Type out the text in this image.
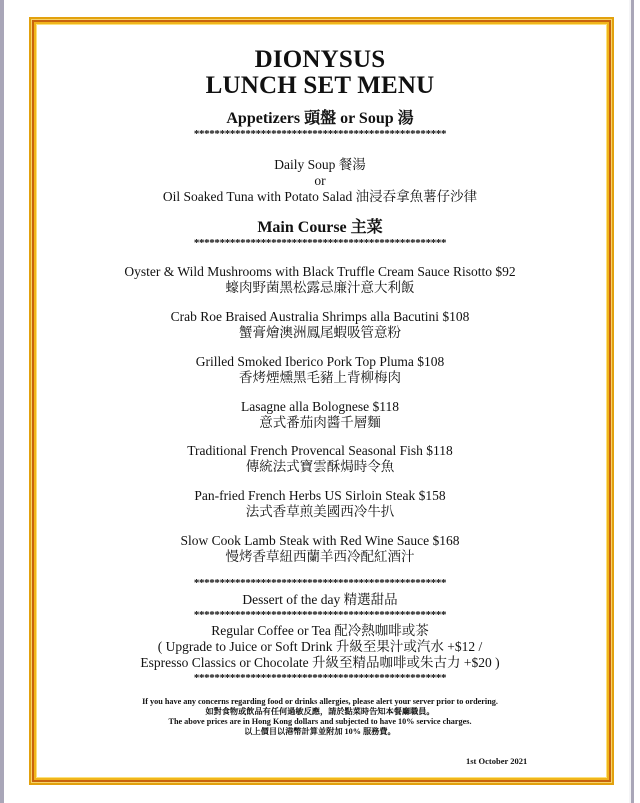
DIONYSUS
LUNCH SET MENU
Appetizers 頭盤 or Soup 湯
*************************************************
Daily Soup 餐湯
or
Oil Soaked Tuna with Potato Salad 油浸吞拿魚薯仔沙律
Main Course 主菜
*************************************************
Oyster & Wild Mushrooms with Black Truffle Cream Sauce Risotto $92
蠔肉野菌黑松露忌廉汁意大利飯
Crab Roe Braised Australia Shrimps alla Bacutini $108
蟹膏燴澳洲鳳尾蝦吸管意粉
Grilled Smoked Iberico Pork Top Pluma $108
香烤煙燻黑毛豬上背柳梅肉
Lasagne alla Bolognese $118
意式番茄肉醬千層麵
Traditional French Provencal Seasonal Fish $118
傳統法式寶雲酥焗時令魚
Pan-fried French Herbs US Sirloin Steak $158
法式香草煎美國西冷牛扒
Slow Cook Lamb Steak with Red Wine Sauce $168
慢烤香草紐西蘭羊西冷配紅酒汁
*************************************************
Dessert of the day 精選甜品
*************************************************
Regular Coffee or Tea 配冷熱咖啡或茶
( Upgrade to Juice or Soft Drink 升級至果汁或汽水 +$12 /
Espresso Classics or Chocolate 升級至精品咖啡或朱古力 +$20 )
*************************************************
If you have any concerns regarding food or drinks allergies, please alert your server prior to ordering.
如對食物或飲品有任何過敏反應，請於點菜時告知本餐廳職員。
The above prices are in Hong Kong dollars and subjected to have 10% service charges.
以上價目以港幣計算並附加 10% 服務費。
1st October 2021
